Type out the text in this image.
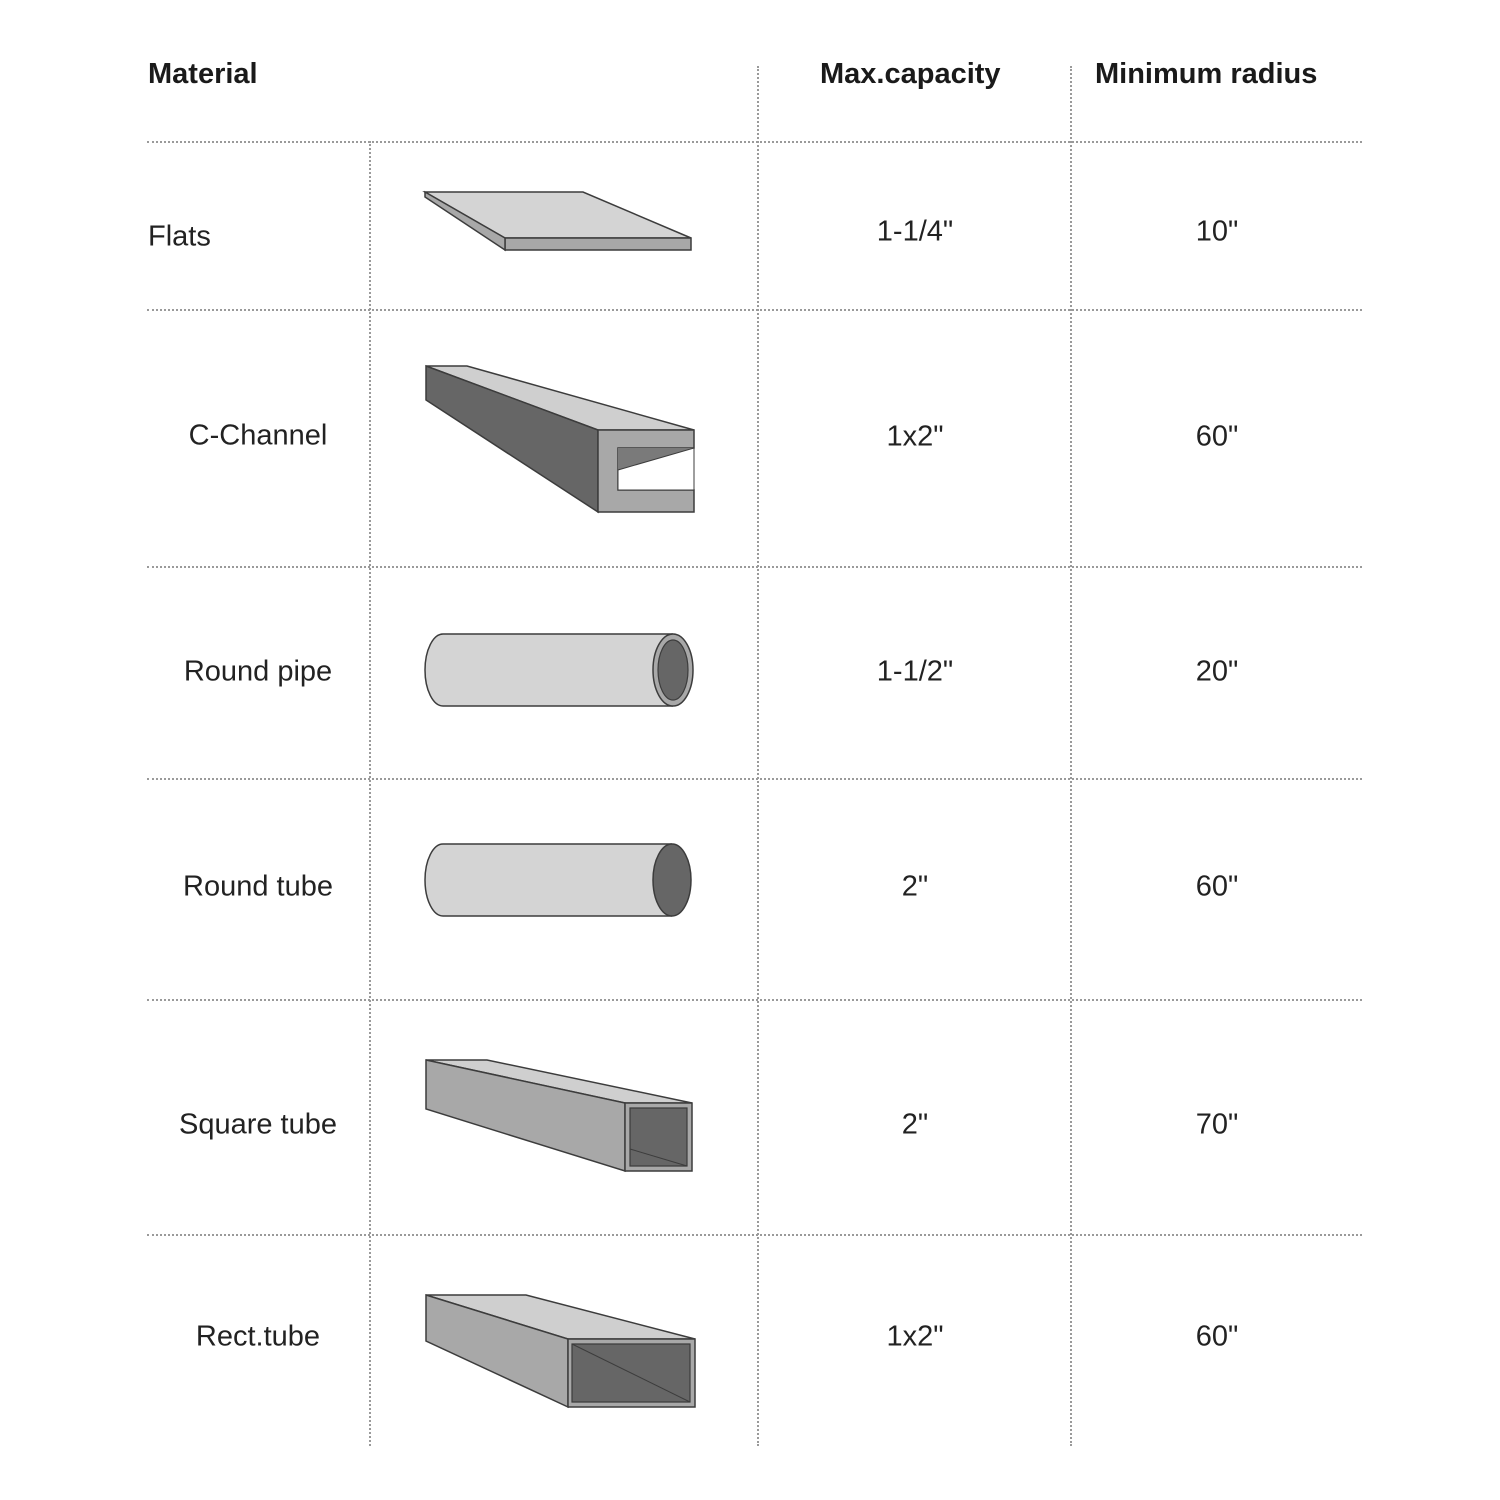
Material	Max.capacity	Minimum radius
Flats	1-1/4"	10"
C-Channel	1x2"	60"
Round pipe	1-1/2"	20"
Round tube	2"	60"
Square tube	2"	70"
Rect.tube	1x2"	60"
